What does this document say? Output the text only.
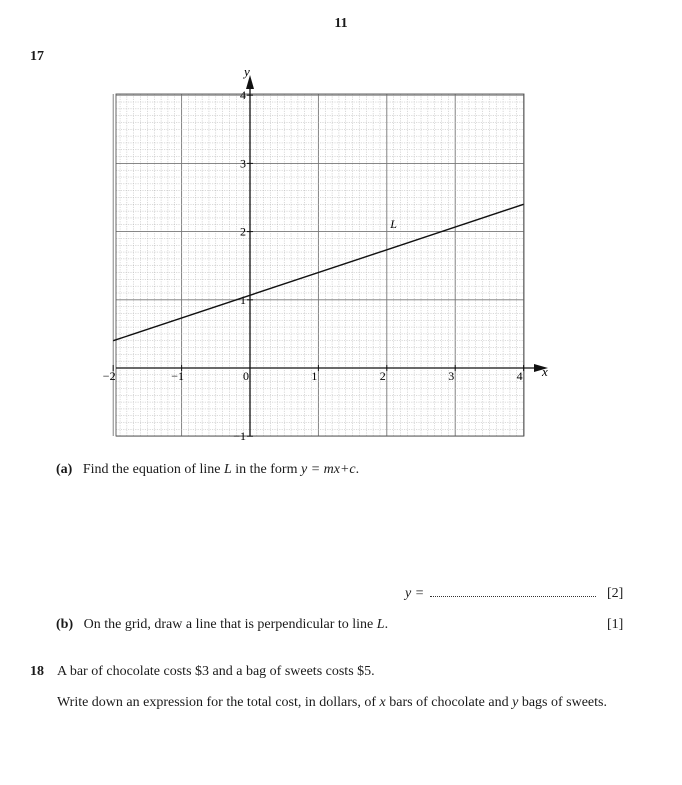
11
17
x
y
−2	−1	0	1	2	3	4
−1
1
2
3
4
L
(a) Find the equation of line L in the form y = mx+c.
y =	[2]
(b) On the grid, draw a line that is perpendicular to line L.	[1]
18 A bar of chocolate costs $3 and a bag of sweets costs $5.
Write down an expression for the total cost, in dollars, of x bars of chocolate and y bags of sweets.
